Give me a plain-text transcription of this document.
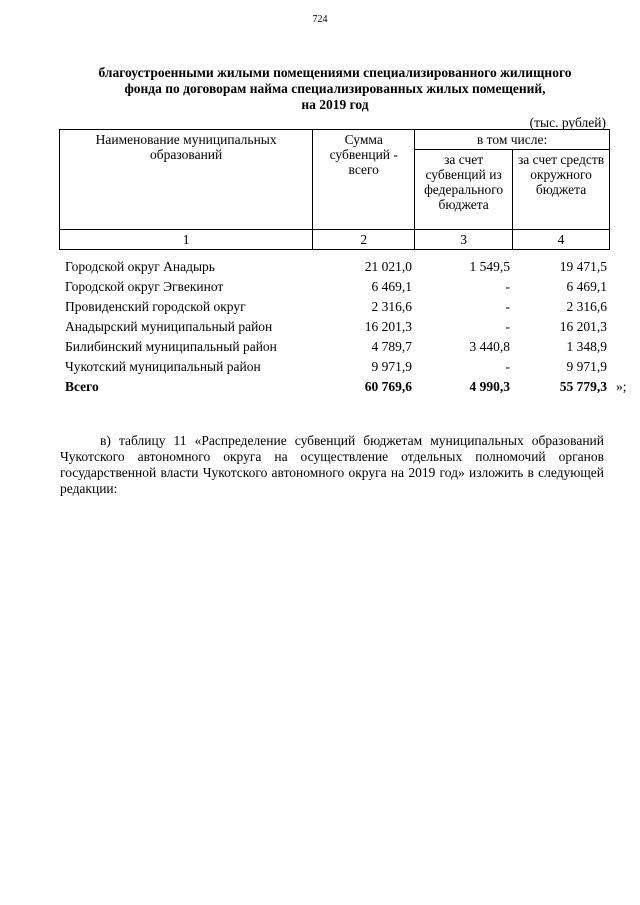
724
благоустроенными жилыми помещениями специализированного жилищного
фонда по договорам найма специализированных жилых помещений,
на 2019 год
(тыс. рублей)
Наименование муниципальных образований	Сумма субвенций - всего	в том числе:	
		за счет субвенций из федерального бюджета	за счет средств окружного бюджета
1	2	3	4
Городской округ Анадырь	21 021,0	1 549,5	19 471,5
Городской округ Эгвекинот	6 469,1	-	6 469,1
Провиденский городской округ	2 316,6	-	2 316,6
Анадырский муниципальный район	16 201,3	-	16 201,3
Билибинский муниципальный район	4 789,7	3 440,8	1 348,9
Чукотский муниципальный район	9 971,9	-	9 971,9
Всего	60 769,6	4 990,3	55 779,3 »;
в) таблицу 11 «Распределение субвенций бюджетам муниципальных образований Чукотского автономного округа на осуществление отдельных полномочий органов государственной власти Чукотского автономного округа на 2019 год» изложить в следующей редакции:
